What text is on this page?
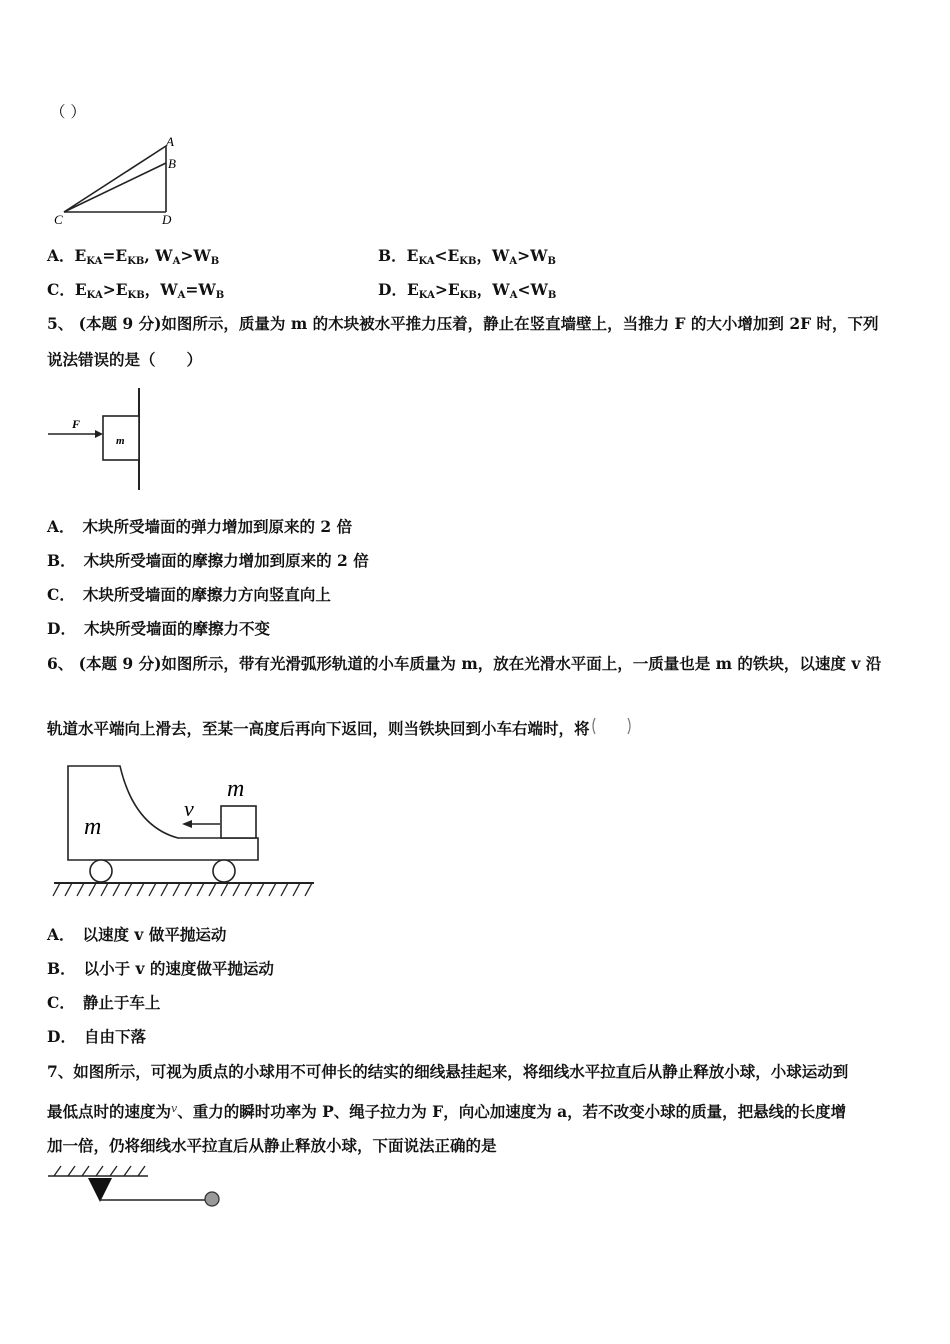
（ ）
A
B
C	D
A．$E_{KA}=E_{KB}$, $W_A>W_B$	B．$E_{KA}<E_{KB}$，$W_A>W_B$
C．$E_{KA}>E_{KB}$，$W_A=W_B$	D．$E_{KA}>E_{KB}$，$W_A<W_B$
5、 (本题 9 分)如图所示，质量为 m 的木块被水平推力压着，静止在竖直墙壁上，当推力 F 的大小增加到 2F 时，下列
说法错误的是（　　）
F
m
A． 木块所受墙面的弹力增加到原来的 2 倍
B． 木块所受墙面的摩擦力增加到原来的 2 倍
C． 木块所受墙面的摩擦力方向竖直向上
D． 木块所受墙面的摩擦力不变
6、 (本题 9 分)如图所示，带有光滑弧形轨道的小车质量为 m，放在光滑水平面上，一质量也是 m 的铁块，以速度 v 沿
轨道水平端向上滑去，至某一高度后再向下返回，则当铁块回到小车右端时，将
m
m
v
A． 以速度 v 做平抛运动
B． 以小于 v 的速度做平抛运动
C． 静止于车上
D． 自由下落
7、如图所示，可视为质点的小球用不可伸长的结实的细线悬挂起来，将细线水平拉直后从静止释放小球，小球运动到
最低点时的速度为$^v$、重力的瞬时功率为 P、绳子拉力为 F，向心加速度为 a，若不改变小球的质量，把悬线的长度增
加一倍，仍将细线水平拉直后从静止释放小球，下面说法正确的是
